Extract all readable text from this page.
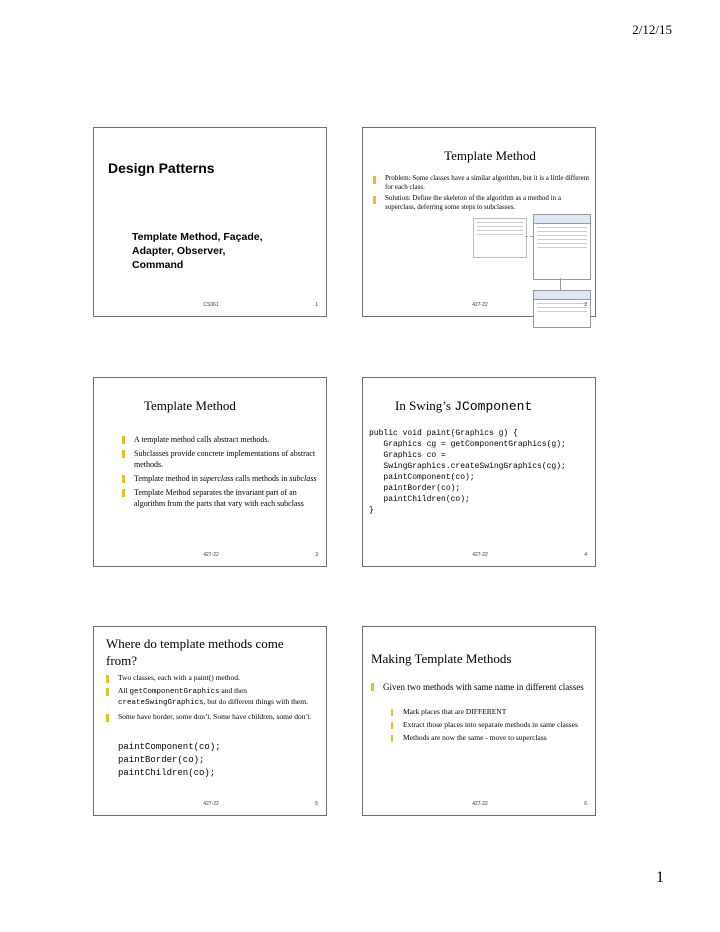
2/12/15
Design Patterns
Template Method, Façade,
Adapter, Observer,
Command
CS361	1
Template Method
Problem: Some classes have a similar algorithm, but it is a little different for each class.
Solution: Define the skeleton of the algorithm as a method in a superclass, deferring some steps to subclasses.
427-22	2
Template Method
A template method calls abstract methods.
Subclasses provide concrete implementations of abstract methods.
Template method in superclass calls methods in subclass
Template Method separates the invariant part of an algorithm from the parts that vary with each subclass
427-22	3
In Swing’s JComponent
public void paint(Graphics g) {
Graphics cg = getComponentGraphics(g);
Graphics co =
SwingGraphics.createSwingGraphics(cg);
paintComponent(co);
paintBorder(co);
paintChildren(co);
}
427-22	4
Where do template methods come
from?
Two classes, each with a paint() method.
All getComponentGraphics and then createSwingGraphics, but do different things with them.
Some have border, some don’t. Some have children, some don’t.
paintComponent(co);
paintBorder(co);
paintChildren(co);
427-22	5
Making Template Methods
Given two methods with same name in different classes
Mark places that are DIFFERENT
Extract those places into separate methods in same classes
Methods are now the same - move to superclass
427-22	6
1
